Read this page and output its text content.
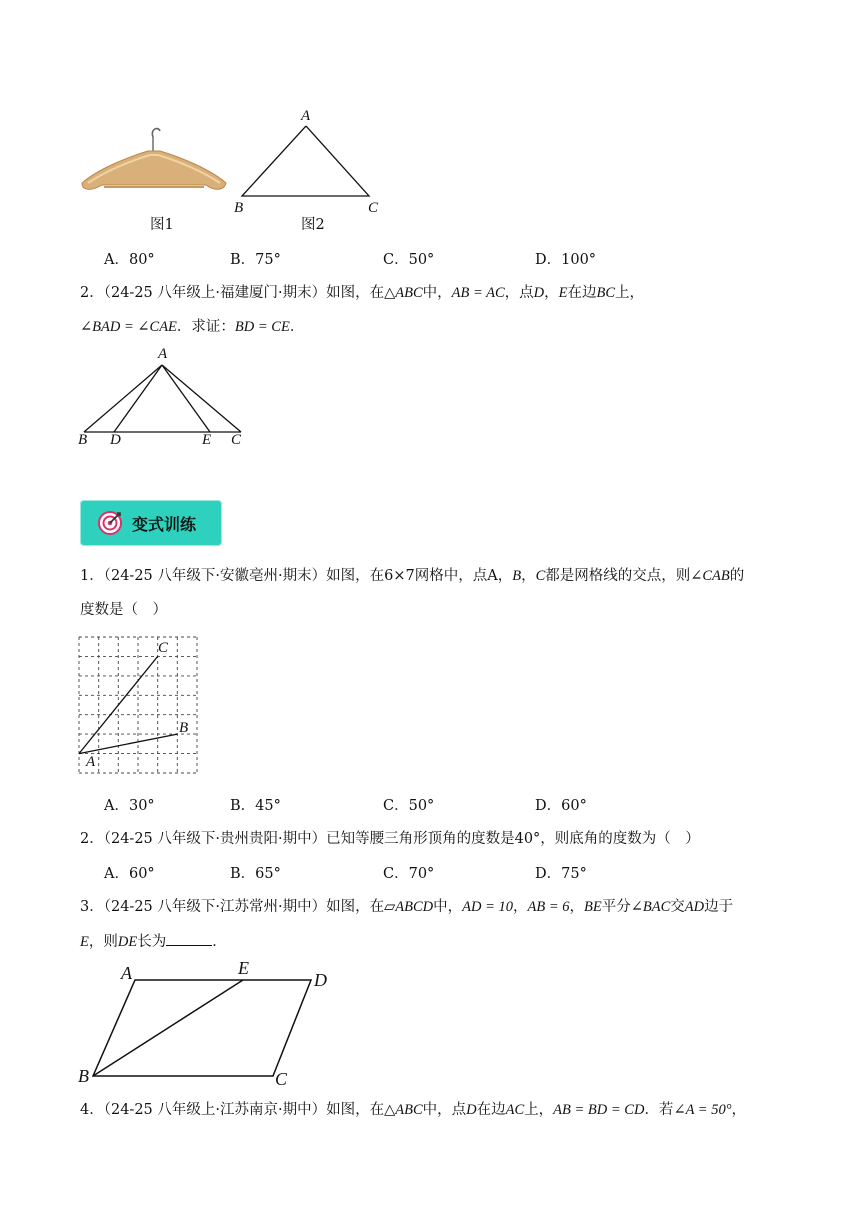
图1
A
B	C
图2
A．80°	B．75°	C．50°	D．100°
2．（24-25 八年级上·福建厦门·期末）如图，在△ABC中，AB = AC，点D，E在边BC上，
∠BAD = ∠CAE．求证：BD = CE．
A
B D	E C
变式训练
1．（24-25 八年级下·安徽亳州·期末）如图，在6×7网格中，点A，B，C都是网格线的交点，则∠CAB的
度数是（　）
C
B
A
A．30°	B．45°	C．50°	D．60°
2．（24-25 八年级下·贵州贵阳·期中）已知等腰三角形顶角的度数是40°，则底角的度数为（　）
A．60°	B．65°	C．70°	D．75°
3．（24-25 八年级下·江苏常州·期中）如图，在▱ABCD中，AD = 10，AB = 6，BE平分∠BAC交AD边于
E，则DE长为	．
A	E
D
B	C
4．（24-25 八年级上·江苏南京·期中）如图，在△ABC中，点D在边AC上，AB = BD = CD．若∠A = 50°，
